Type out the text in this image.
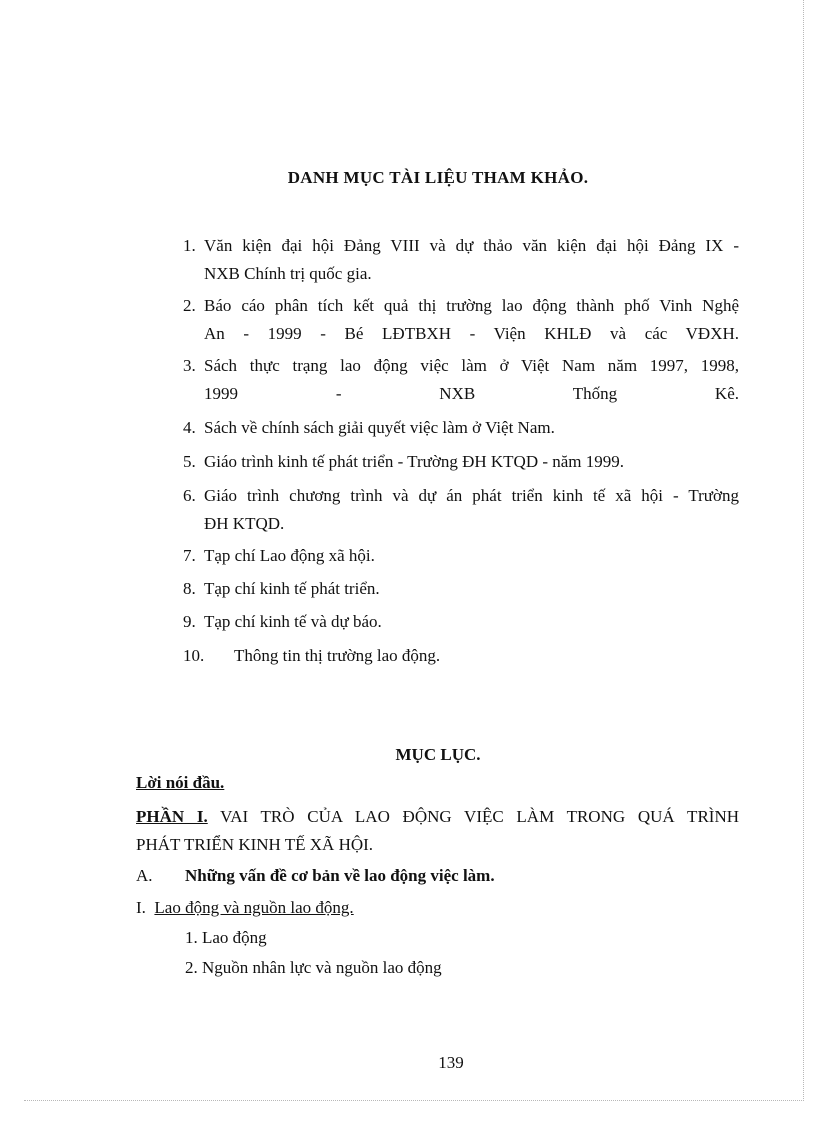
DANH MỤC TÀI LIỆU THAM KHẢO.
1. Văn kiện đại hội Đảng VIII và dự thảo văn kiện đại hội Đảng IX -
NXB Chính trị quốc gia.
2. Báo cáo phân tích kết quả thị trường lao động thành phố Vinh Nghệ
An - 1999 - Bé LĐTBXH - Viện KHLĐ và các VĐXH.
3. Sách thực trạng lao động việc làm ở Việt Nam năm 1997, 1998,
1999 - NXB Thống Kê.
4. Sách về chính sách giải quyết việc làm ở Việt Nam.
5. Giáo trình kinh tế phát triển - Trường ĐH KTQD - năm 1999.
6. Giáo trình chương trình và dự án phát triển kinh tế xã hội - Trường
ĐH KTQD.
7. Tạp chí Lao động xã hội.
8. Tạp chí kinh tế phát triển.
9. Tạp chí kinh tế và dự báo.
10. Thông tin thị trường lao động.
MỤC LỤC.
Lời nói đầu.
PHẦN I. VAI TRÒ CỦA LAO ĐỘNG VIỆC LÀM TRONG QUÁ TRÌNH
PHÁT TRIỂN KINH TẾ XÃ HỘI.
A. Những vấn đề cơ bản về lao động việc làm.
I. Lao động và nguồn lao động.
1. Lao động
2. Nguồn nhân lực và nguồn lao động
139
